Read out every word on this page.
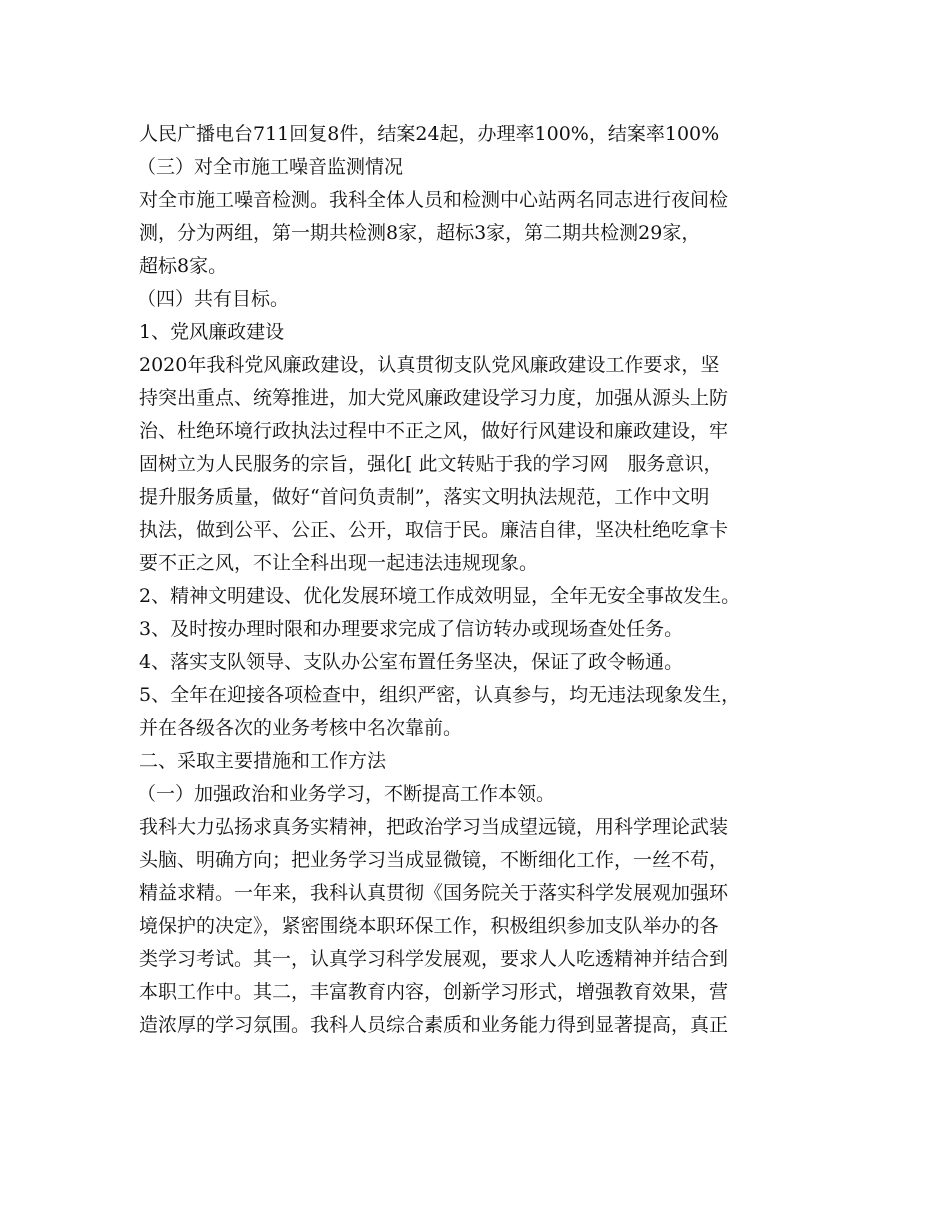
人民广播电台711回复8件，结案24起，办理率100%，结案率100%
（三）对全市施工噪音监测情况
对全市施工噪音检测。我科全体人员和检测中心站两名同志进行夜间检
测，分为两组，第一期共检测8家，超标3家，第二期共检测29家，
超标8家。
（四）共有目标。
1、党风廉政建设
2020年我科党风廉政建设，认真贯彻支队党风廉政建设工作要求，坚
持突出重点、统筹推进，加大党风廉政建设学习力度，加强从源头上防
治、杜绝环境行政执法过程中不正之风，做好行风建设和廉政建设，牢
固树立为人民服务的宗旨，强化[ 此文转贴于我的学习网　服务意识，
提升服务质量，做好“首问负责制”，落实文明执法规范，工作中文明
执法，做到公平、公正、公开，取信于民。廉洁自律，坚决杜绝吃拿卡
要不正之风，不让全科出现一起违法违规现象。
2、精神文明建设、优化发展环境工作成效明显，全年无安全事故发生。
3、及时按办理时限和办理要求完成了信访转办或现场查处任务。
4、落实支队领导、支队办公室布置任务坚决，保证了政令畅通。
5、全年在迎接各项检查中，组织严密，认真参与，均无违法现象发生，
并在各级各次的业务考核中名次靠前。
二、采取主要措施和工作方法
（一）加强政治和业务学习，不断提高工作本领。
我科大力弘扬求真务实精神，把政治学习当成望远镜，用科学理论武装
头脑、明确方向；把业务学习当成显微镜，不断细化工作，一丝不苟，
精益求精。一年来，我科认真贯彻《国务院关于落实科学发展观加强环
境保护的决定》，紧密围绕本职环保工作，积极组织参加支队举办的各
类学习考试。其一，认真学习科学发展观，要求人人吃透精神并结合到
本职工作中。其二，丰富教育内容，创新学习形式，增强教育效果，营
造浓厚的学习氛围。我科人员综合素质和业务能力得到显著提高，真正
